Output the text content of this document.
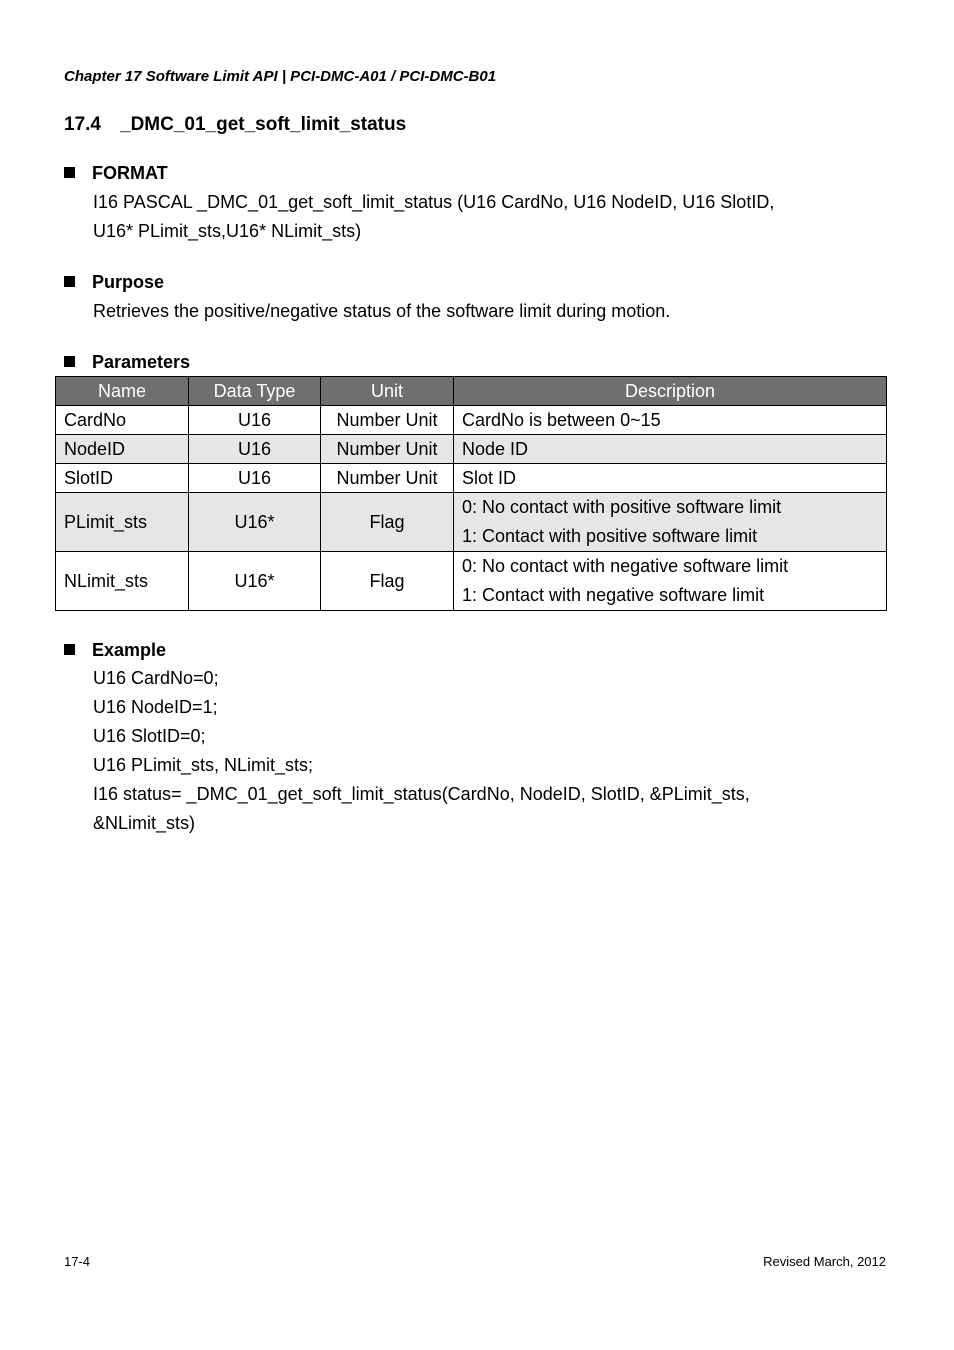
Chapter 17 Software Limit API | PCI-DMC-A01 / PCI-DMC-B01
17.4 _DMC_01_get_soft_limit_status
FORMAT
I16 PASCAL _DMC_01_get_soft_limit_status (U16 CardNo, U16 NodeID, U16 SlotID,
U16* PLimit_sts,U16* NLimit_sts)
Purpose
Retrieves the positive/negative status of the software limit during motion.
Parameters
Name	Data Type	Unit	Description
CardNo	U16	Number Unit	CardNo is between 0~15
NodeID	U16	Number Unit	Node ID
SlotID	U16	Number Unit	Slot ID
PLimit_sts	U16*	Flag	0: No contact with positive software limit
1: Contact with positive software limit

NLimit_sts	U16*	Flag	0: No contact with negative software limit
1: Contact with negative software limit
Example
U16 CardNo=0;
U16 NodeID=1;
U16 SlotID=0;
U16 PLimit_sts, NLimit_sts;
I16 status= _DMC_01_get_soft_limit_status(CardNo, NodeID, SlotID, &PLimit_sts,
&NLimit_sts)
17-4	Revised March, 2012
